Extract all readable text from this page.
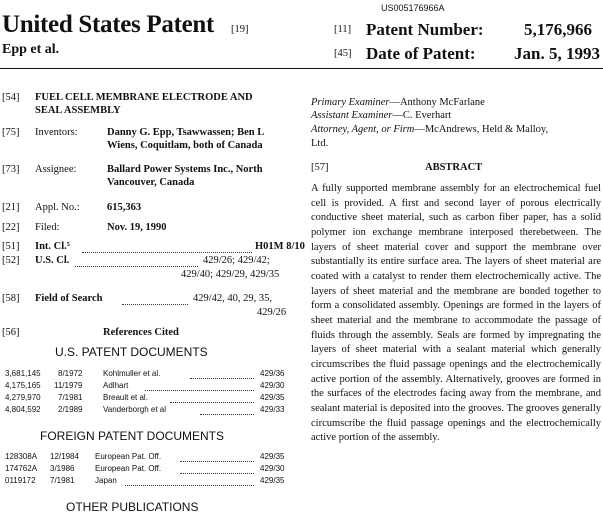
US005176966A
United States Patent [19]
Epp et al.
[11] Patent Number: 5,176,966
[45] Date of Patent: Jan. 5, 1993
[54] FUEL CELL MEMBRANE ELECTRODE AND
SEAL ASSEMBLY
[75] Inventors:	Danny G. Epp, Tsawwassen; Ben L
Wiens, Coquitlam, both of Canada
[73] Assignee:	Ballard Power Systems Inc., North
Vancouver, Canada
[21] Appl. No.:	615,363
[22] Filed:	Nov. 19, 1990
[51] Int. Cl.⁵	H01M 8/10
[52] U.S. Cl.	429/26; 429/42;
429/40; 429/29, 429/35
[58] Field of Search	429/42, 40, 29, 35,
429/26
[56]	References Cited
U.S. PATENT DOCUMENTS
3,681,145 8/1972	Kohlmuller et al.	429/36
4,175,165 11/1979	Adlhart	429/30
4,279,970 7/1981	Breault et al.	429/35
4,804,592 2/1989	Vanderborgh et al	429/33
FOREIGN PATENT DOCUMENTS
128308A 12/1984 European Pat. Off.	429/35
174762A 3/1986	European Pat. Off.	429/30
0119172 7/1981	Japan	429/35
OTHER PUBLICATIONS
Primary Examiner—Anthony McFarlane
Assistant Examiner—C. Everhart
Attorney, Agent, or Firm—McAndrews, Held & Malloy,
Ltd.
[57]	ABSTRACT
A fully supported membrane assembly for an electrochemical fuel cell is provided. A first and second layer of porous electrically conductive sheet material, such as carbon fiber paper, has a solid polymer ion exchange membrane interposed therebetween. The layers of sheet material cover and support the membrane over substantially its entire surface area. The layers of sheet material are coated with a catalyst to render them electrochemically active. The layers of sheet material and the membrane are bonded together to form a consolidated assembly. Openings are formed in the layers of sheet material and the membrane to accommodate the passage of fluids through the assembly. Seals are formed by impregnating the layers of sheet material with a sealant material which generally circumscribes the fluid passage openings and the electrochemically active portion of the assembly. Alternatively, grooves are formed in the surfaces of the electrodes facing away from the membrane, and sealant material is deposited into the grooves. The grooves generally circumscribe the fluid passage openings and the electrochemically active portion of the assembly.
